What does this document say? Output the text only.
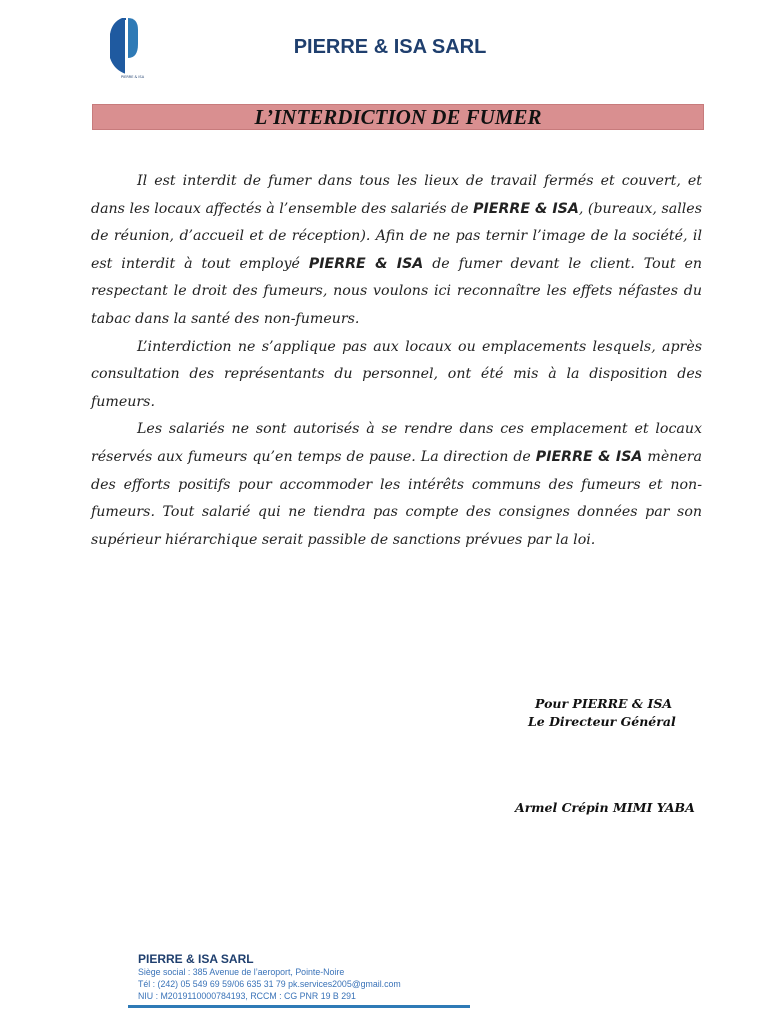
PIERRE & ISA
PIERRE & ISA SARL
L’INTERDICTION DE FUMER

Il est interdit de fumer dans tous les lieux de travail fermés et couvert, et dans les locaux affectés à l’ensemble des salariés de PIERRE & ISA, (bureaux, salles de réunion, d’accueil et de réception). Afin de ne pas ternir l’image de la société, il est interdit à tout employé PIERRE & ISA de fumer devant le client. Tout en respectant le droit des fumeurs, nous voulons ici reconnaître les effets néfastes du tabac dans la santé des non-fumeurs.

L’interdiction ne s’applique pas aux locaux ou emplacements lesquels, après consultation des représentants du personnel, ont été mis à la disposition des fumeurs.

Les salariés ne sont autorisés à se rendre dans ces emplacement et locaux réservés aux fumeurs qu’en temps de pause. La direction de PIERRE & ISA mènera des efforts positifs pour accommoder les intérêts communs des fumeurs et non-fumeurs. Tout salarié qui ne tiendra pas compte des consignes données par son supérieur hiérarchique serait passible de sanctions prévues par la loi.

Pour PIERRE & ISA
Le Directeur Général
Armel Crépin MIMI YABA
PIERRE & ISA SARL
Siège social : 385 Avenue de l’aeroport, Pointe-Noire
Tél : (242) 05 549 69 59/06 635 31 79 pk.services2005@gmail.com
NIU : M2019110000784193, RCCM : CG PNR 19 B 291
